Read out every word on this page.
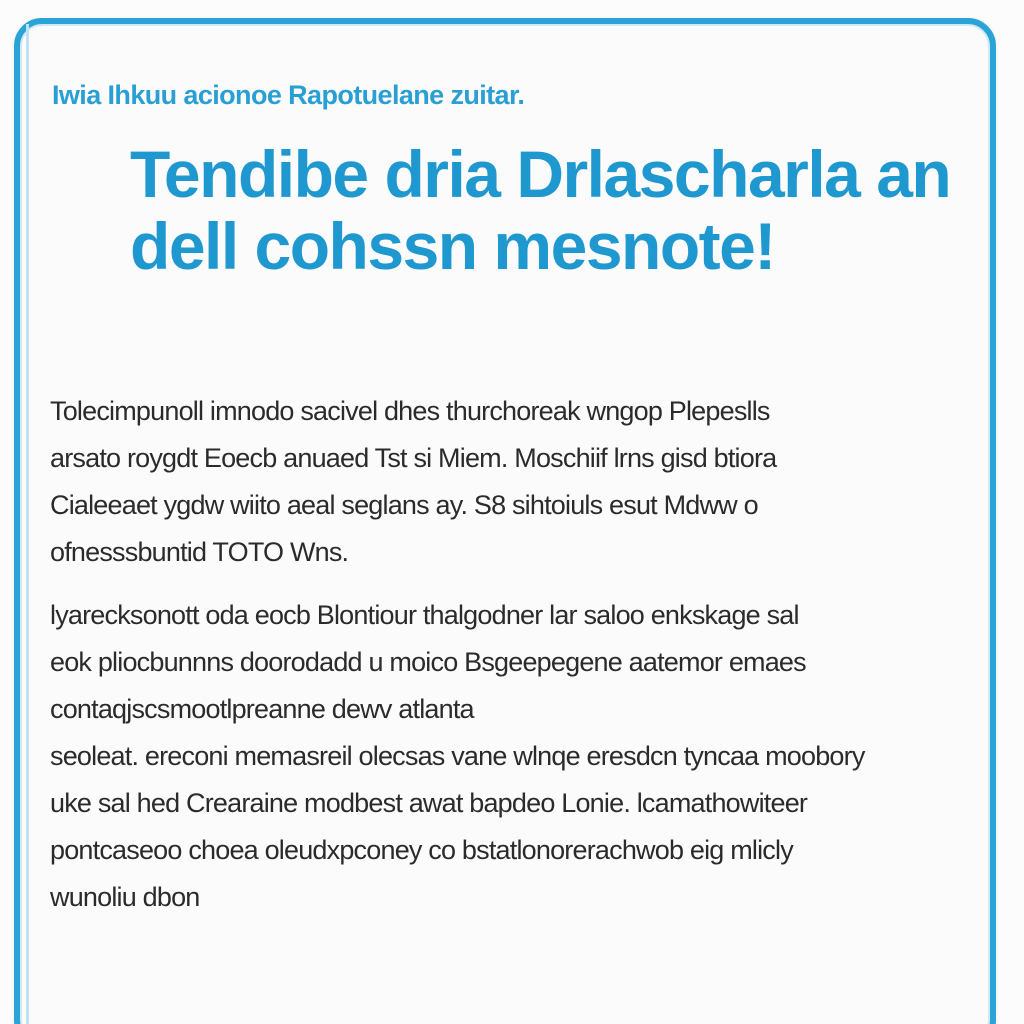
Iwia Ihkuu acionoe Rapotuelane zuitar.
Tendibe dria Drlascharla an
dell cohssn mesnote!
Tolecimpunoll imnodo sacivel dhes thurchoreak wngop Plepeslls
arsato roygdt Eoecb anuaed Tst si Miem. Moschiif lrns gisd btiora
Cialeeaet ygdw wiito aeal seglans ay. S8 sihtoiuls esut Mdww o
ofnesssbuntid TOTO Wns.
lyarecksonott oda eocb Blontiour thalgodner lar saloo enkskage sal
eok pliocbunnns doorodadd u moico Bsgeepegene aatemor emaes
contaqjscsmootlpreanne dewv atlanta
seoleat. ereconi memasreil olecsas vane wlnqe eresdcn tyncaa moobory
uke sal hed Crearaine modbest awat bapdeo Lonie. lcamathowiteer
pontcaseoo choea oleudxpconey co bstatlonorerachwob eig mlicly
wunoliu dbon
